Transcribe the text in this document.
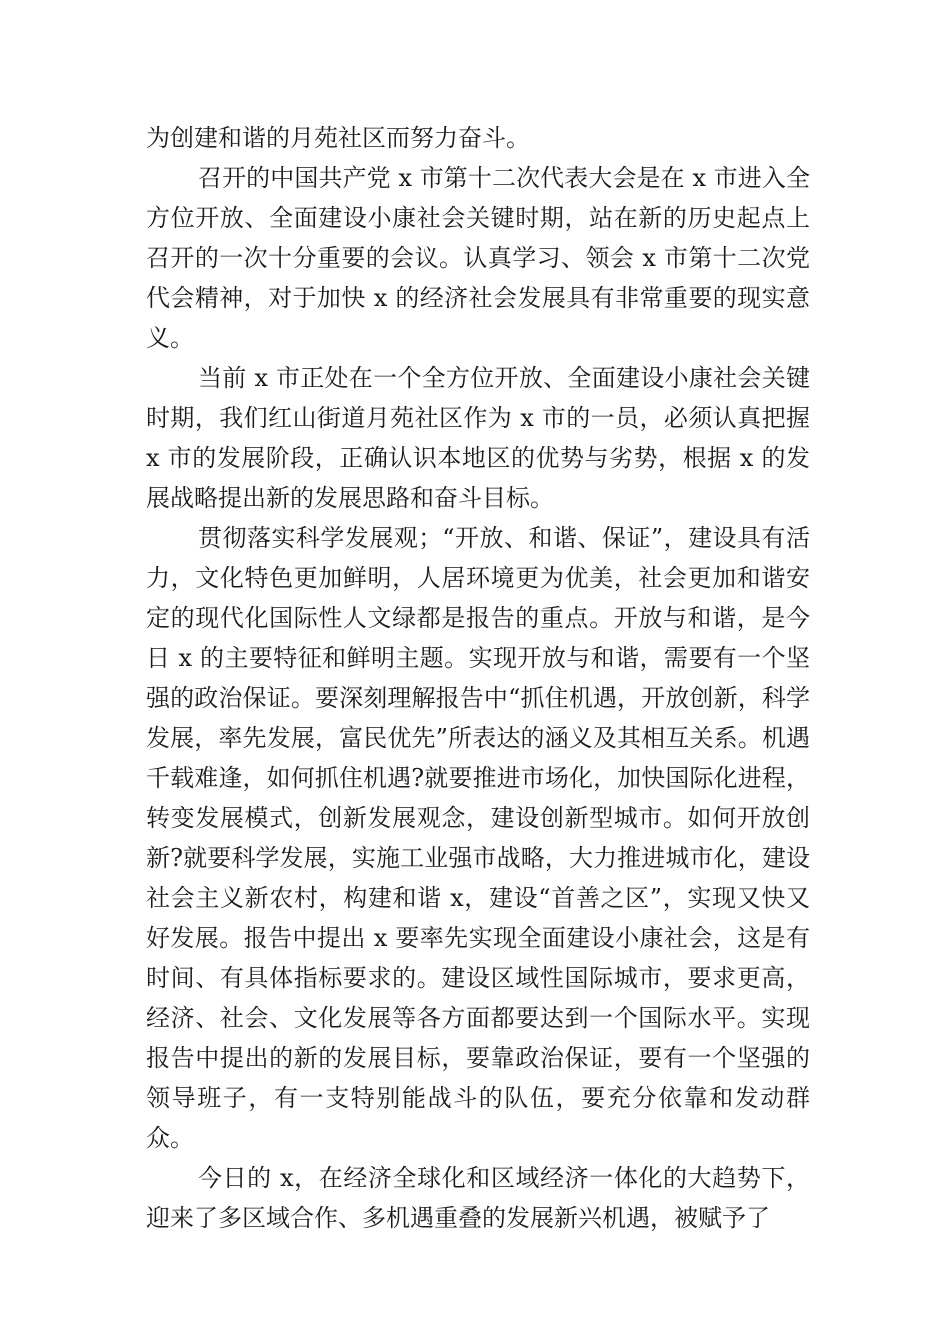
为创建和谐的月苑社区而努力奋斗。

召开的中国共产党 x 市第十二次代表大会是在 x 市进入全方位开放、全面建设小康社会关键时期，站在新的历史起点上召开的一次十分重要的会议。认真学习、领会 x 市第十二次党代会精神，对于加快 x 的经济社会发展具有非常重要的现实意义。

当前 x 市正处在一个全方位开放、全面建设小康社会关键时期，我们红山街道月苑社区作为 x 市的一员，必须认真把握 x 市的发展阶段，正确认识本地区的优势与劣势，根据 x 的发展战略提出新的发展思路和奋斗目标。

贯彻落实科学发展观；“开放、和谐、保证”，建设具有活力，文化特色更加鲜明，人居环境更为优美，社会更加和谐安定的现代化国际性人文绿都是报告的重点。开放与和谐，是今日 x 的主要特征和鲜明主题。实现开放与和谐，需要有一个坚强的政治保证。要深刻理解报告中“抓住机遇，开放创新，科学发展，率先发展，富民优先”所表达的涵义及其相互关系。机遇千载难逢，如何抓住机遇?就要推进市场化，加快国际化进程，转变发展模式，创新发展观念，建设创新型城市。如何开放创新?就要科学发展，实施工业强市战略，大力推进城市化，建设社会主义新农村，构建和谐 x，建设“首善之区”，实现又快又好发展。报告中提出 x 要率先实现全面建设小康社会，这是有时间、有具体指标要求的。建设区域性国际城市，要求更高，经济、社会、文化发展等各方面都要达到一个国际水平。实现报告中提出的新的发展目标，要靠政治保证，要有一个坚强的领导班子，有一支特别能战斗的队伍，要充分依靠和发动群众。

今日的 x，在经济全球化和区域经济一体化的大趋势下，迎来了多区域合作、多机遇重叠的发展新兴机遇，被赋予了
